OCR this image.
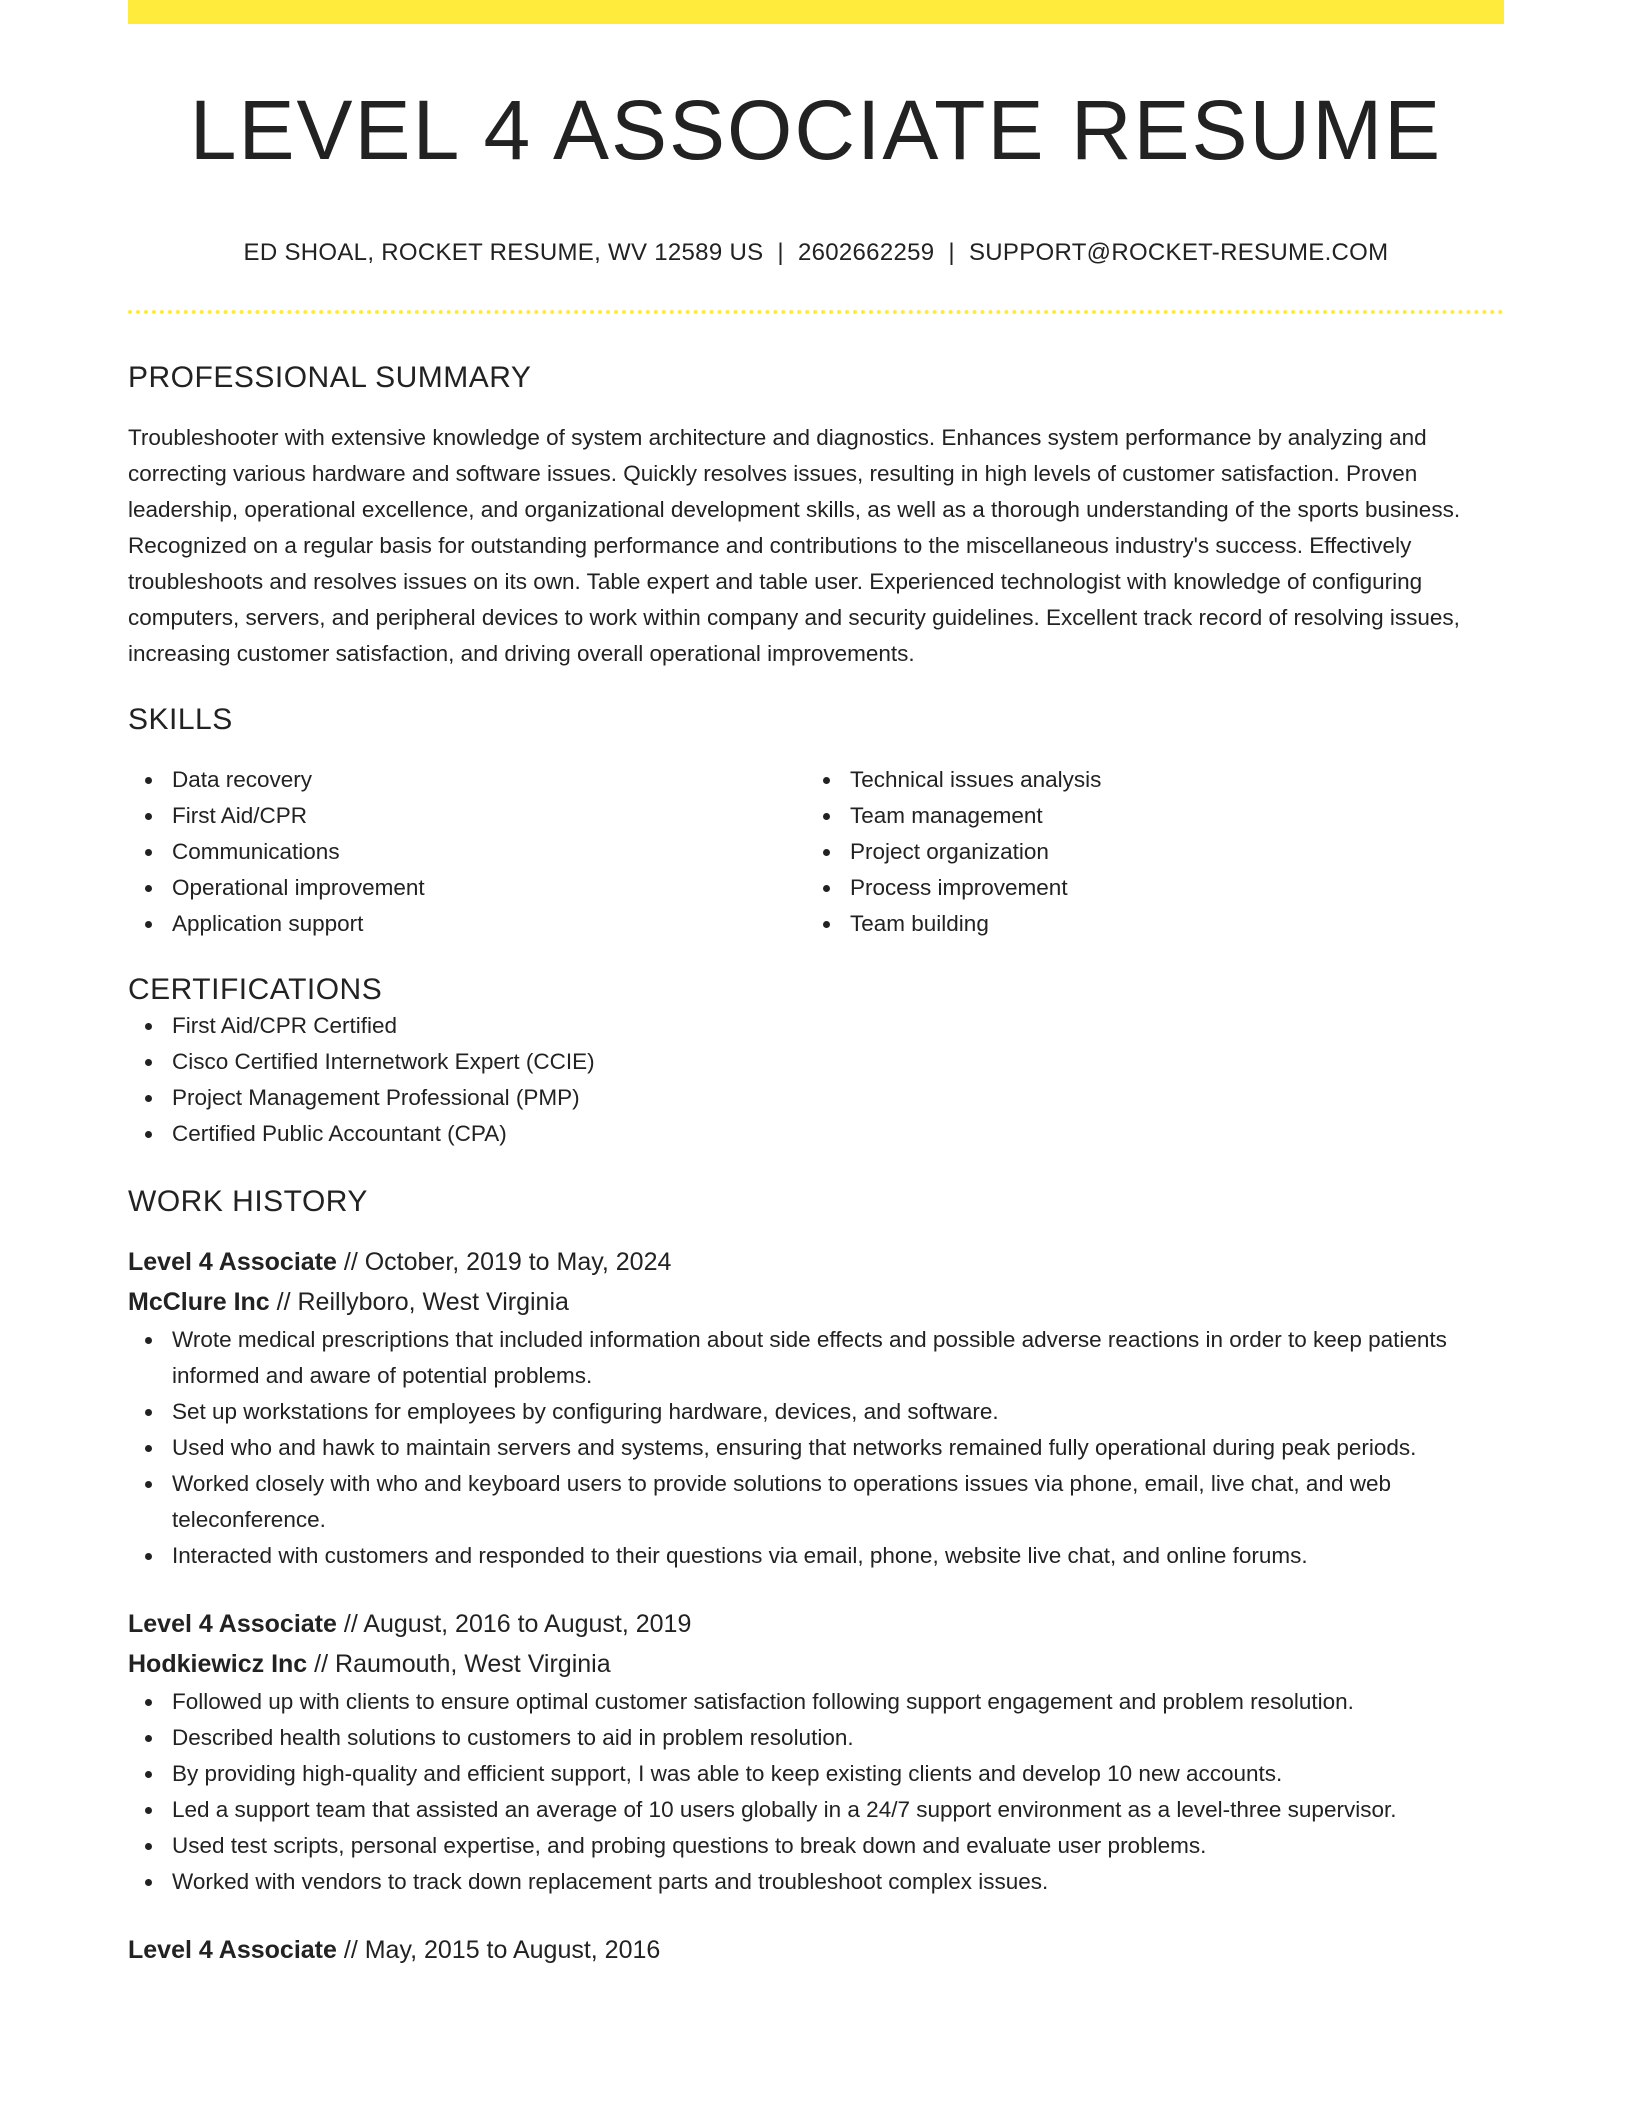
LEVEL 4 ASSOCIATE RESUME
ED SHOAL, ROCKET RESUME, WV 12589 US | 2602662259 | SUPPORT@ROCKET-RESUME.COM
PROFESSIONAL SUMMARY

Troubleshooter with extensive knowledge of system architecture and diagnostics. Enhances system performance by analyzing and correcting various hardware and software issues. Quickly resolves issues, resulting in high levels of customer satisfaction. Proven leadership, operational excellence, and organizational development skills, as well as a thorough understanding of the sports business. Recognized on a regular basis for outstanding performance and contributions to the miscellaneous industry's success. Effectively troubleshoots and resolves issues on its own. Table expert and table user. Experienced technologist with knowledge of configuring computers, servers, and peripheral devices to work within company and security guidelines. Excellent track record of resolving issues, increasing customer satisfaction, and driving overall operational improvements.

SKILLS
Data recovery
First Aid/CPR
Communications
Operational improvement
Application support
Technical issues analysis
Team management
Project organization
Process improvement
Team building
CERTIFICATIONS
First Aid/CPR Certified
Cisco Certified Internetwork Expert (CCIE)
Project Management Professional (PMP)
Certified Public Accountant (CPA)
WORK HISTORY
Level 4 Associate // October, 2019 to May, 2024
McClure Inc // Reillyboro, West Virginia
Wrote medical prescriptions that included information about side effects and possible adverse reactions in order to keep patients informed and aware of potential problems.
Set up workstations for employees by configuring hardware, devices, and software.
Used who and hawk to maintain servers and systems, ensuring that networks remained fully operational during peak periods.
Worked closely with who and keyboard users to provide solutions to operations issues via phone, email, live chat, and web teleconference.
Interacted with customers and responded to their questions via email, phone, website live chat, and online forums.
Level 4 Associate // August, 2016 to August, 2019
Hodkiewicz Inc // Raumouth, West Virginia
Followed up with clients to ensure optimal customer satisfaction following support engagement and problem resolution.
Described health solutions to customers to aid in problem resolution.
By providing high-quality and efficient support, I was able to keep existing clients and develop 10 new accounts.
Led a support team that assisted an average of 10 users globally in a 24/7 support environment as a level-three supervisor.
Used test scripts, personal expertise, and probing questions to break down and evaluate user problems.
Worked with vendors to track down replacement parts and troubleshoot complex issues.
Level 4 Associate // May, 2015 to August, 2016
